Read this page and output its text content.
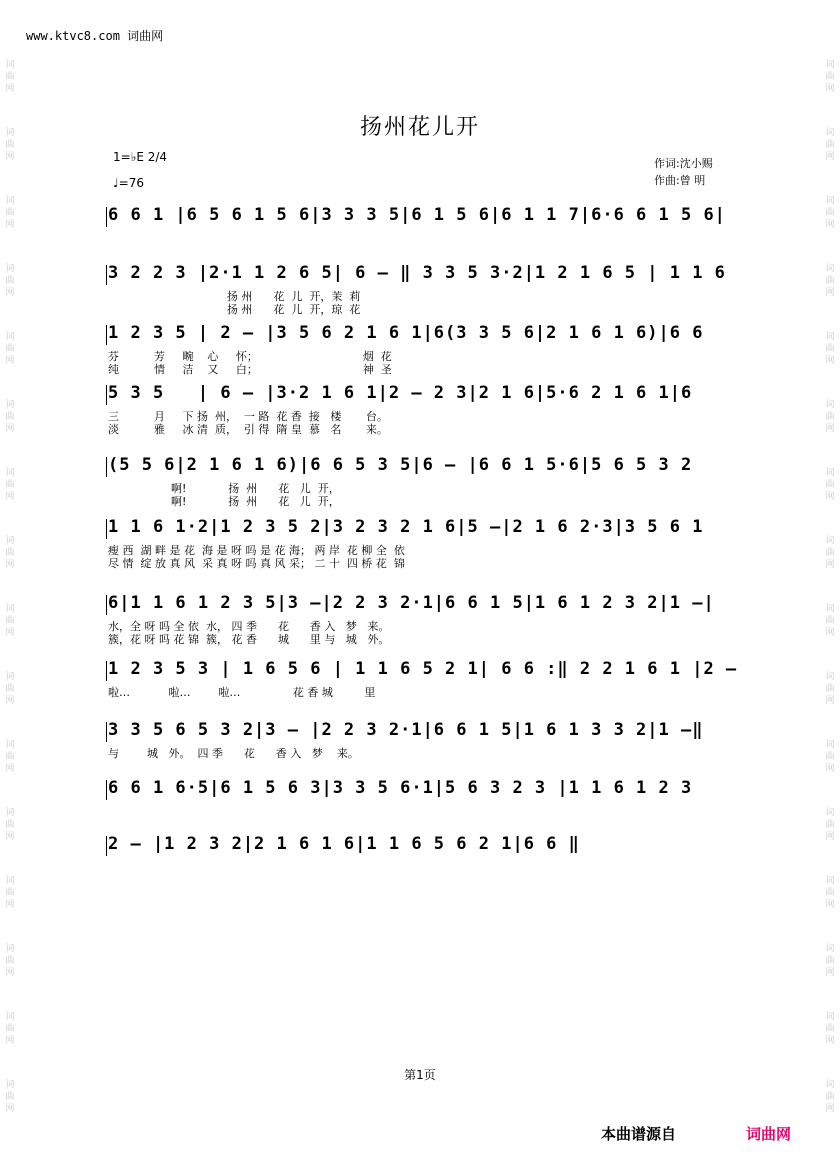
词
曲
网
词
曲
网
词
曲
网
词
曲
网
词
曲
网
词
曲
网
词
曲
网
词
曲
网
词
曲
网
词
曲
网
词
曲
网
词
曲
网
词
曲
网
词
曲
网
词
曲
网
词
曲
网
词
曲
网
词
曲
网
词
曲
网
词
曲
网
词
曲
网
词
曲
网
词
曲
网
词
曲
网
词
曲
网
词
曲
网
词
曲
网
词
曲
网
词
曲
网
词
曲
网
词
曲
网
词
曲
网
www.ktvc8.com 词曲网
扬州花儿开
1=♭E 2/4
♩=76
作词:沈小赐
作曲:曾 明
6 6 1 |6 5 6 1 5 6|3 3 3 5|6 1 5 6|6 1 1 7|6·6 6 1 5 6|
3 2 2 3 |2·1 1 2 6 5| 6 – ‖ 3 3 5 3·2|1 2 1 6 5 | 1 1 6
扬 州      花  儿  开，茉  莉
扬 州      花  儿  开，琼  花
1 2 3 5 | 2 – |3 5 6 2 1 6 1|6(3 3 5 6|2 1 6 1 6)|6 6
芬          芳     畹    心     怀；                              烟  花
纯          情     洁    又     白；                              神  圣
5 3 5   | 6 – |3·2 1 6 1|2 – 2 3|2 1 6|5·6 2 1 6 1|6
三          月     下 扬  州，  一 路  花 香  接   楼       台。
淡          雅     冰 清  质，  引 得  隋 皇  慕   名       来。
(5 5 6|2 1 6 1 6)|6 6 5 3 5|6 – |6 6 1 5·6|5 6 5 3 2
啊!            扬  州      花   儿  开，
啊!            扬  州      花   儿  开，
1 1 6 1·2|1 2 3 5 2|3 2 3 2 1 6|5 –|2 1 6 2·3|3 5 6 1
瘦 西  湖 畔 是 花  海 是 呀 吗 是 花 海； 两 岸  花 柳 全  依
尽 情  绽 放 真 风  采 真 呀 吗 真 风 采； 二 十  四 桥 花  锦
6|1 1 6 1 2 3 5|3 –|2 2 3 2·1|6 6 1 5|1 6 1 2 3 2|1 –|
水，全 呀 吗 全 依  水， 四 季      花      香 入   梦   来。
簇，花 呀 吗 花 锦  簇， 花 香      城      里 与   城   外。
1 2 3 5 3 | 1 6 5 6 | 1 1 6 5 2 1| 6 6 :‖ 2 2 1 6 1 |2 –
啦…           啦…        啦…               花 香 城         里
3 3 5 6 5 3 2|3 – |2 2 3 2·1|6 6 1 5|1 6 1 3 3 2|1 –‖
与        城   外。  四 季      花      香 入   梦    来。
6 6 1 6·5|6 1 5 6 3|3 3 5 6·1|5 6 3 2 3 |1 1 6 1 2 3
2 – |1 2 3 2|2 1 6 1 6|1 1 6 5 6 2 1|6 6 ‖
第1页
本曲谱源自	词曲网
